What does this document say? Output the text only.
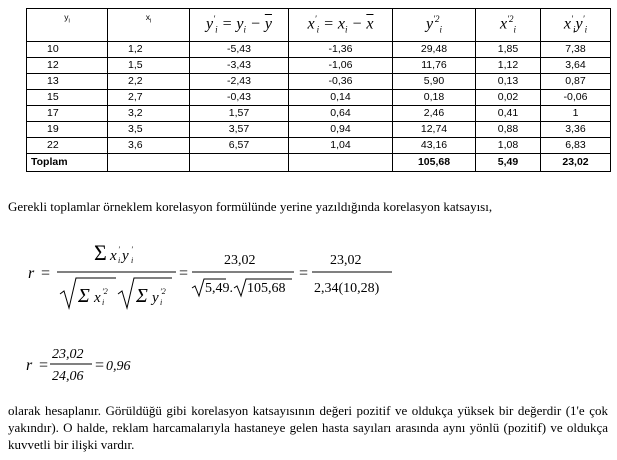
$y_i$	$x_i$	$y'_i = y_i - \overline{y}$	$x'_i = x_i - \overline{x}$	$y^{'2}_i$	$x^{'2}_i$	$x'_iy'_i$
10	1,2	-5,43	-1,36	29,48	1,85	7,38
12	1,5	-3,43	-1,06	11,76	1,12	3,64
13	2,2	-2,43	-0,36	5,90	0,13	0,87
15	2,7	-0,43	0,14	0,18	0,02	-0,06
17	3,2	1,57	0,64	2,46	0,41	1
19	3,5	3,57	0,94	12,74	0,88	3,36
22	3,6	6,57	1,04	43,16	1,08	6,83
Toplam				105,68	5,49	23,02

Gerekli toplamlar örneklem korelasyon formülünde yerine yazıldığında korelasyon katsayısı,

r =
Σ x ′
i y ′
i
Σ x ′2
i Σ y ′2
i
=
23,02
5,49. 105,68
=
23,02
2,34(10,28)
r =
23,02
24,06
= 0,96

olarak hesaplanır. Görüldüğü gibi korelasyon katsayısının değeri pozitif ve oldukça yüksek bir değerdir (1'e çok yakındır). O halde, reklam harcamalarıyla hastaneye gelen hasta sayıları arasında aynı yönlü (pozitif) ve oldukça kuvvetli bir ilişki vardır.
